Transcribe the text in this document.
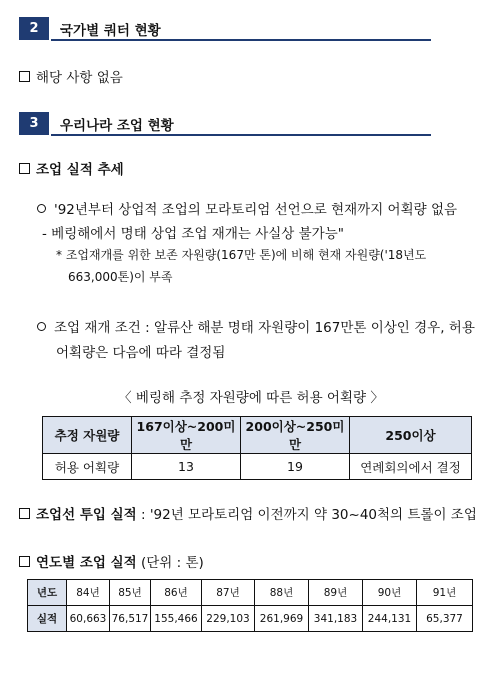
2	국가별 쿼터 현황
해당 사항 없음
3	우리나라 조업 현황
조업 실적 추세
'92년부터 상업적 조업의 모라토리엄 선언으로 현재까지 어획량 없음
- 베링해에서 명태 상업 조업 재개는 사실상 불가능"
* 조업재개를 위한 보존 자원량(167만 톤)에 비해 현재 자원량('18년도
663,000톤)이 부족
조업 재개 조건 : 알류산 해분 명태 자원량이 167만톤 이상인 경우, 허용
어획량은 다음에 따라 결정됨
〈 베링해 추정 자원량에 따른 허용 어획량 〉
추정 자원량	167이상~200미만	200이상~250미만	250이상
허용 어획량	13	19	연례회의에서 결정
조업선 투입 실적 : '92년 모라토리엄 이전까지 약 30~40척의 트롤이 조업
연도별 조업 실적 (단위 : 톤)
년도	84년	85년	86년	87년	88년	89년	90년	91년
실적	60,663	76,517	155,466	229,103	261,969	341,183	244,131	65,377
